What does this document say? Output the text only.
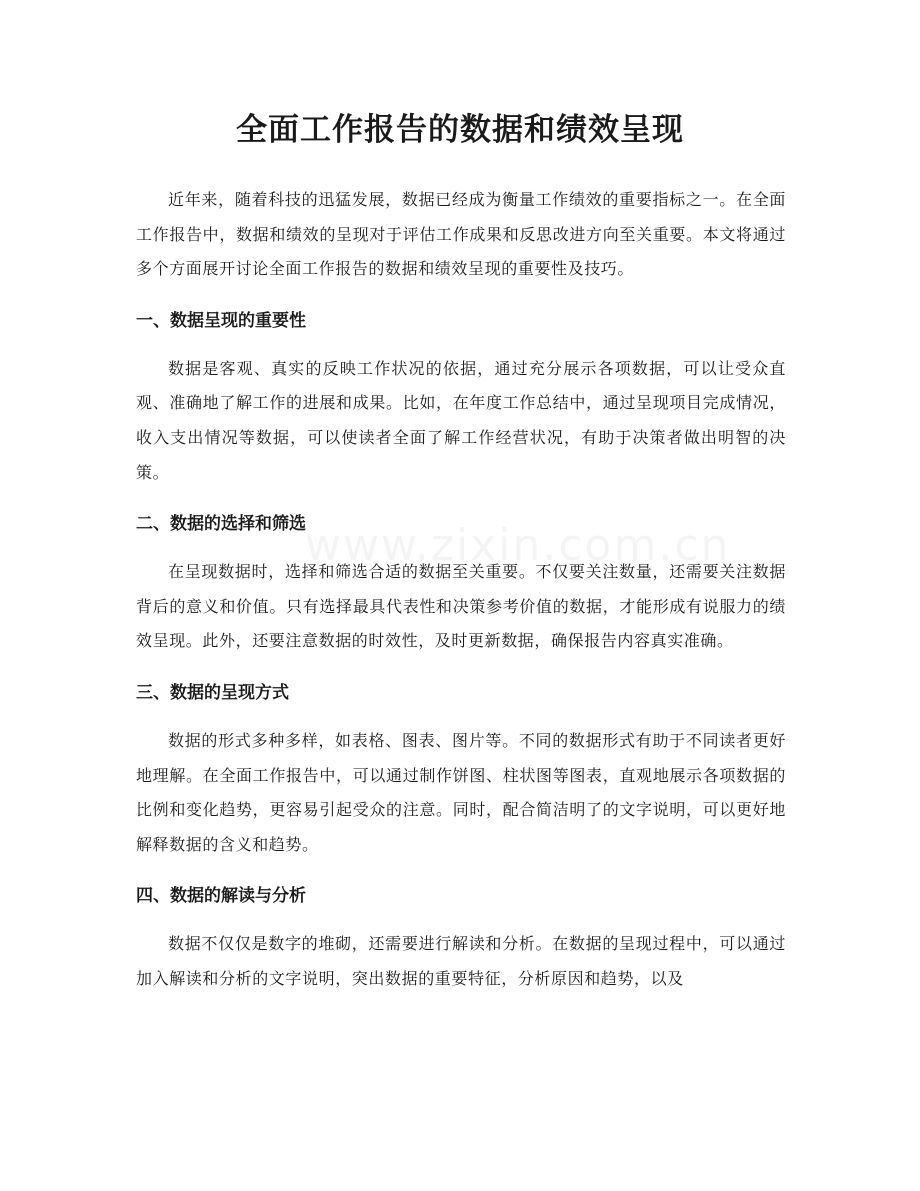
全面工作报告的数据和绩效呈现

近年来，随着科技的迅猛发展，数据已经成为衡量工作绩效的重要指标之一。在全面工作报告中，数据和绩效的呈现对于评估工作成果和反思改进方向至关重要。本文将通过多个方面展开讨论全面工作报告的数据和绩效呈现的重要性及技巧。

一、数据呈现的重要性

数据是客观、真实的反映工作状况的依据，通过充分展示各项数据，可以让受众直观、准确地了解工作的进展和成果。比如，在年度工作总结中，通过呈现项目完成情况，收入支出情况等数据，可以使读者全面了解工作经营状况，有助于决策者做出明智的决策。

二、数据的选择和筛选

在呈现数据时，选择和筛选合适的数据至关重要。不仅要关注数量，还需要关注数据背后的意义和价值。只有选择最具代表性和决策参考价值的数据，才能形成有说服力的绩效呈现。此外，还要注意数据的时效性，及时更新数据，确保报告内容真实准确。

三、数据的呈现方式

数据的形式多种多样，如表格、图表、图片等。不同的数据形式有助于不同读者更好地理解。在全面工作报告中，可以通过制作饼图、柱状图等图表，直观地展示各项数据的比例和变化趋势，更容易引起受众的注意。同时，配合简洁明了的文字说明，可以更好地解释数据的含义和趋势。

四、数据的解读与分析

数据不仅仅是数字的堆砌，还需要进行解读和分析。在数据的呈现过程中，可以通过加入解读和分析的文字说明，突出数据的重要特征，分析原因和趋势，以及
